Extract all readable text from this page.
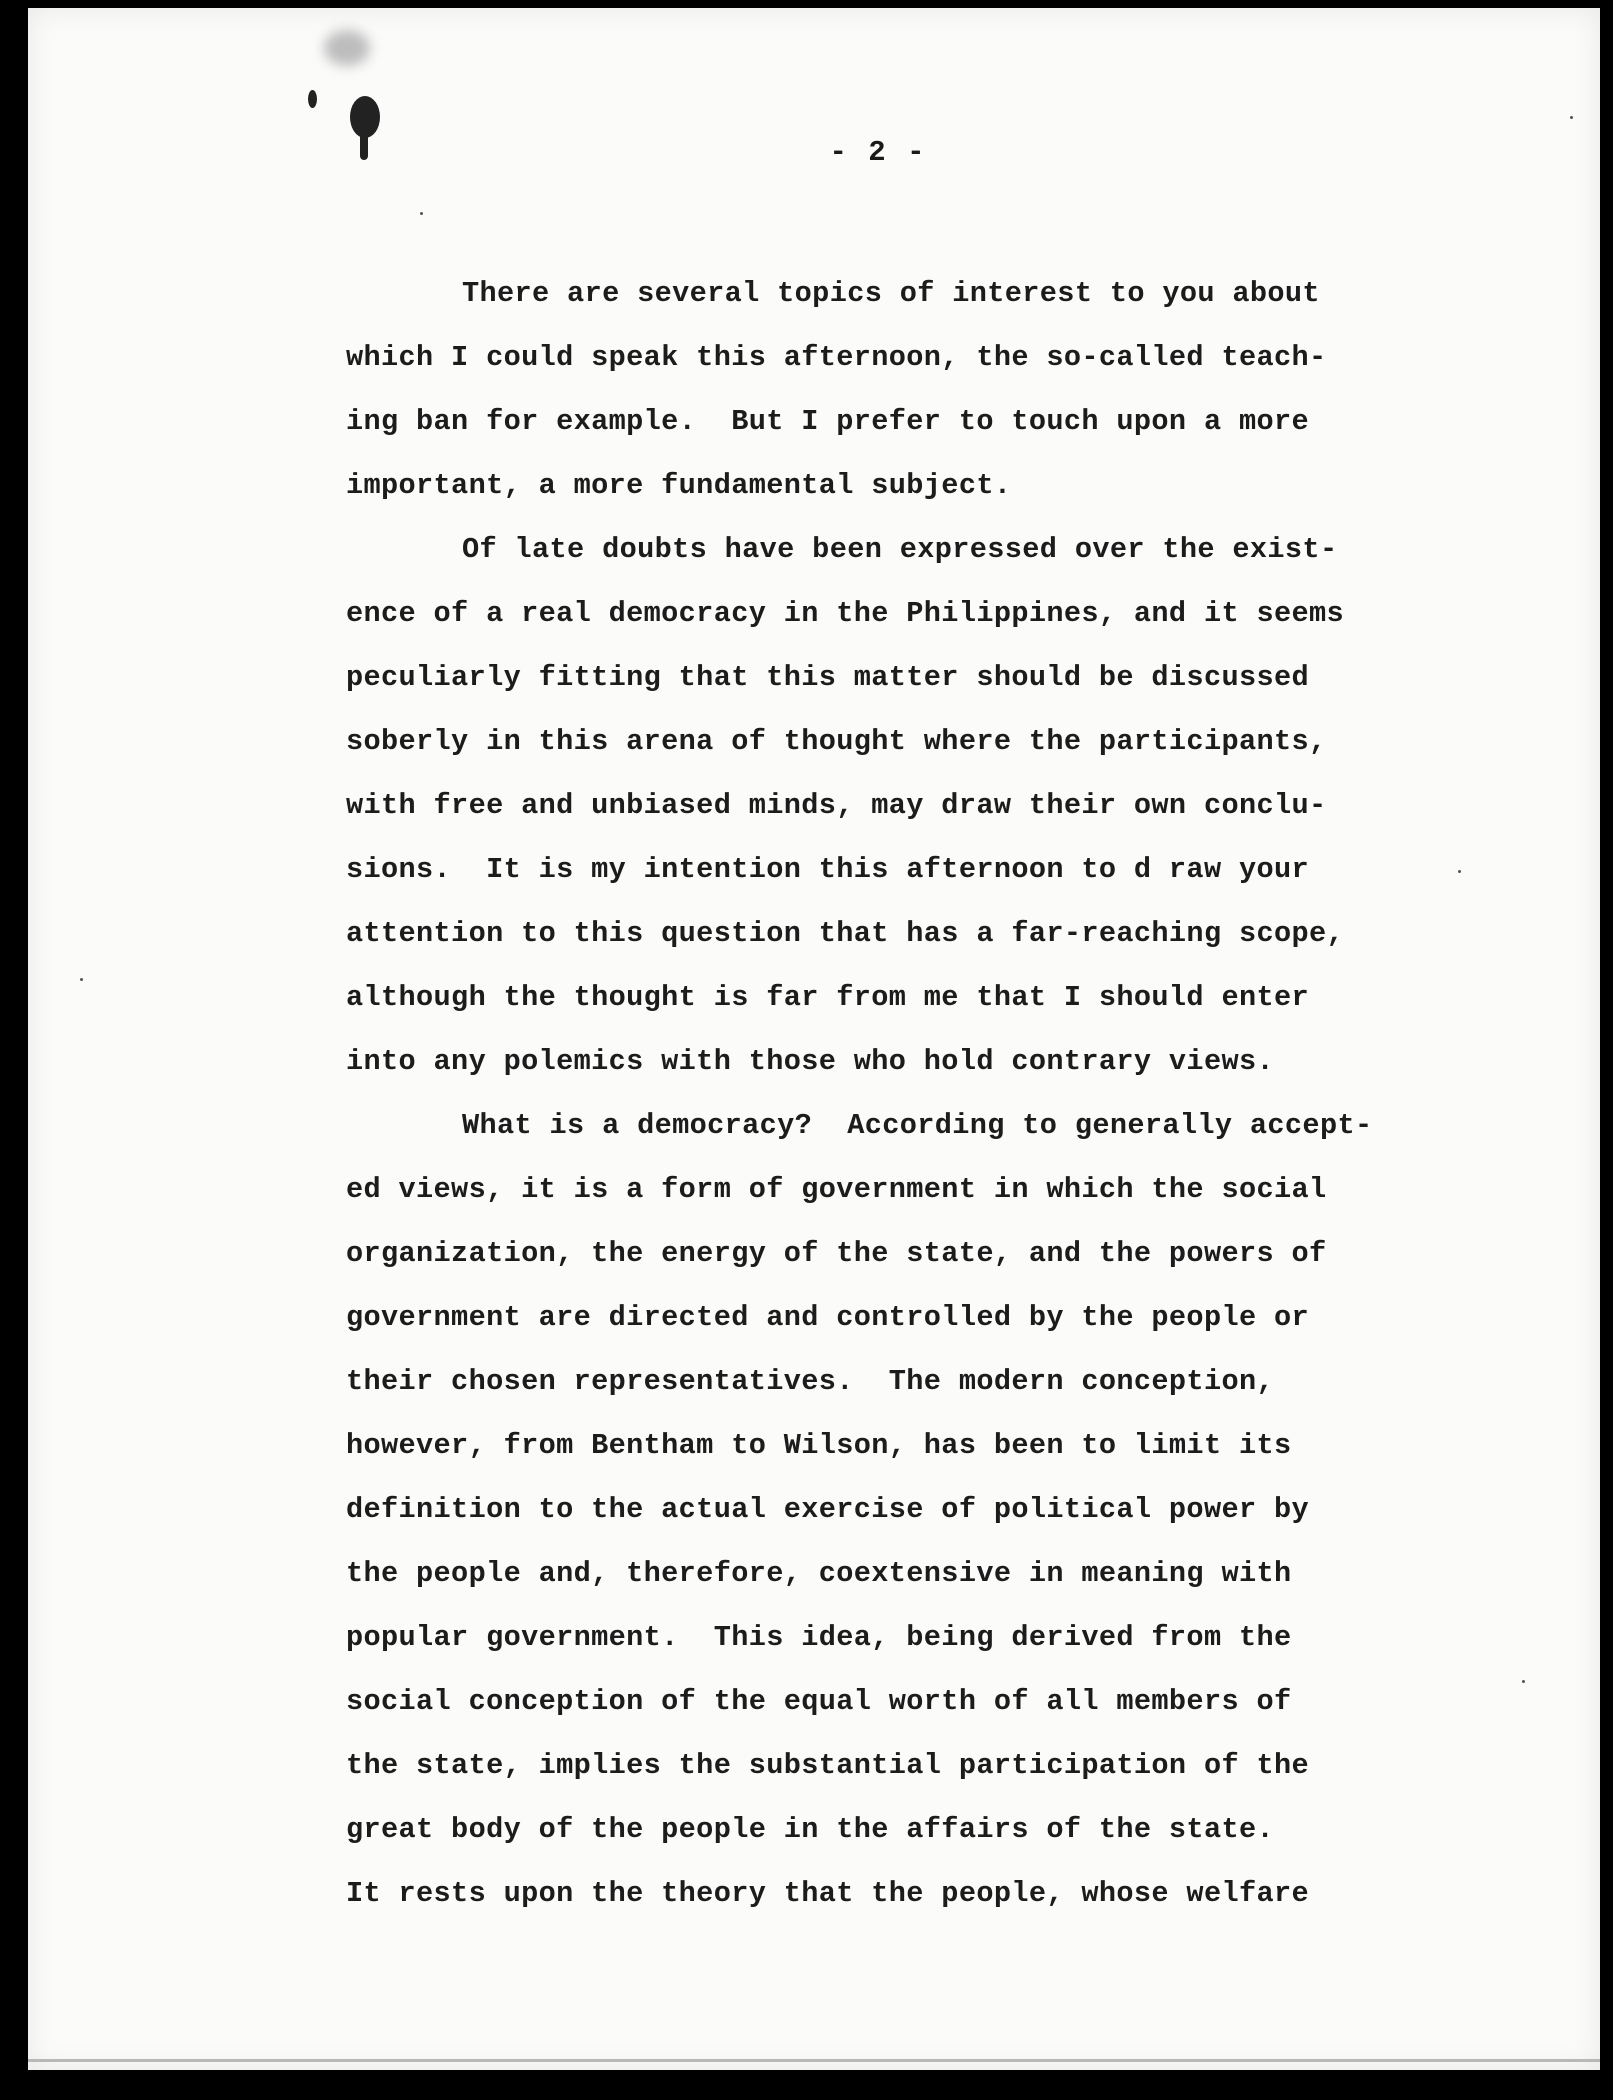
- 2 -
There are several topics of interest to you about
which I could speak this afternoon, the so-called teach-
ing ban for example.  But I prefer to touch upon a more
important, a more fundamental subject.
Of late doubts have been expressed over the exist-
ence of a real democracy in the Philippines, and it seems
peculiarly fitting that this matter should be discussed
soberly in this arena of thought where the participants,
with free and unbiased minds, may draw their own conclu-
sions.  It is my intention this afternoon to d raw your
attention to this question that has a far-reaching scope,
although the thought is far from me that I should enter
into any polemics with those who hold contrary views.
What is a democracy?  According to generally accept-
ed views, it is a form of government in which the social
organization, the energy of the state, and the powers of
government are directed and controlled by the people or
their chosen representatives.  The modern conception,
however, from Bentham to Wilson, has been to limit its
definition to the actual exercise of political power by
the people and, therefore, coextensive in meaning with
popular government.  This idea, being derived from the
social conception of the equal worth of all members of
the state, implies the substantial participation of the
great body of the people in the affairs of the state.
It rests upon the theory that the people, whose welfare
